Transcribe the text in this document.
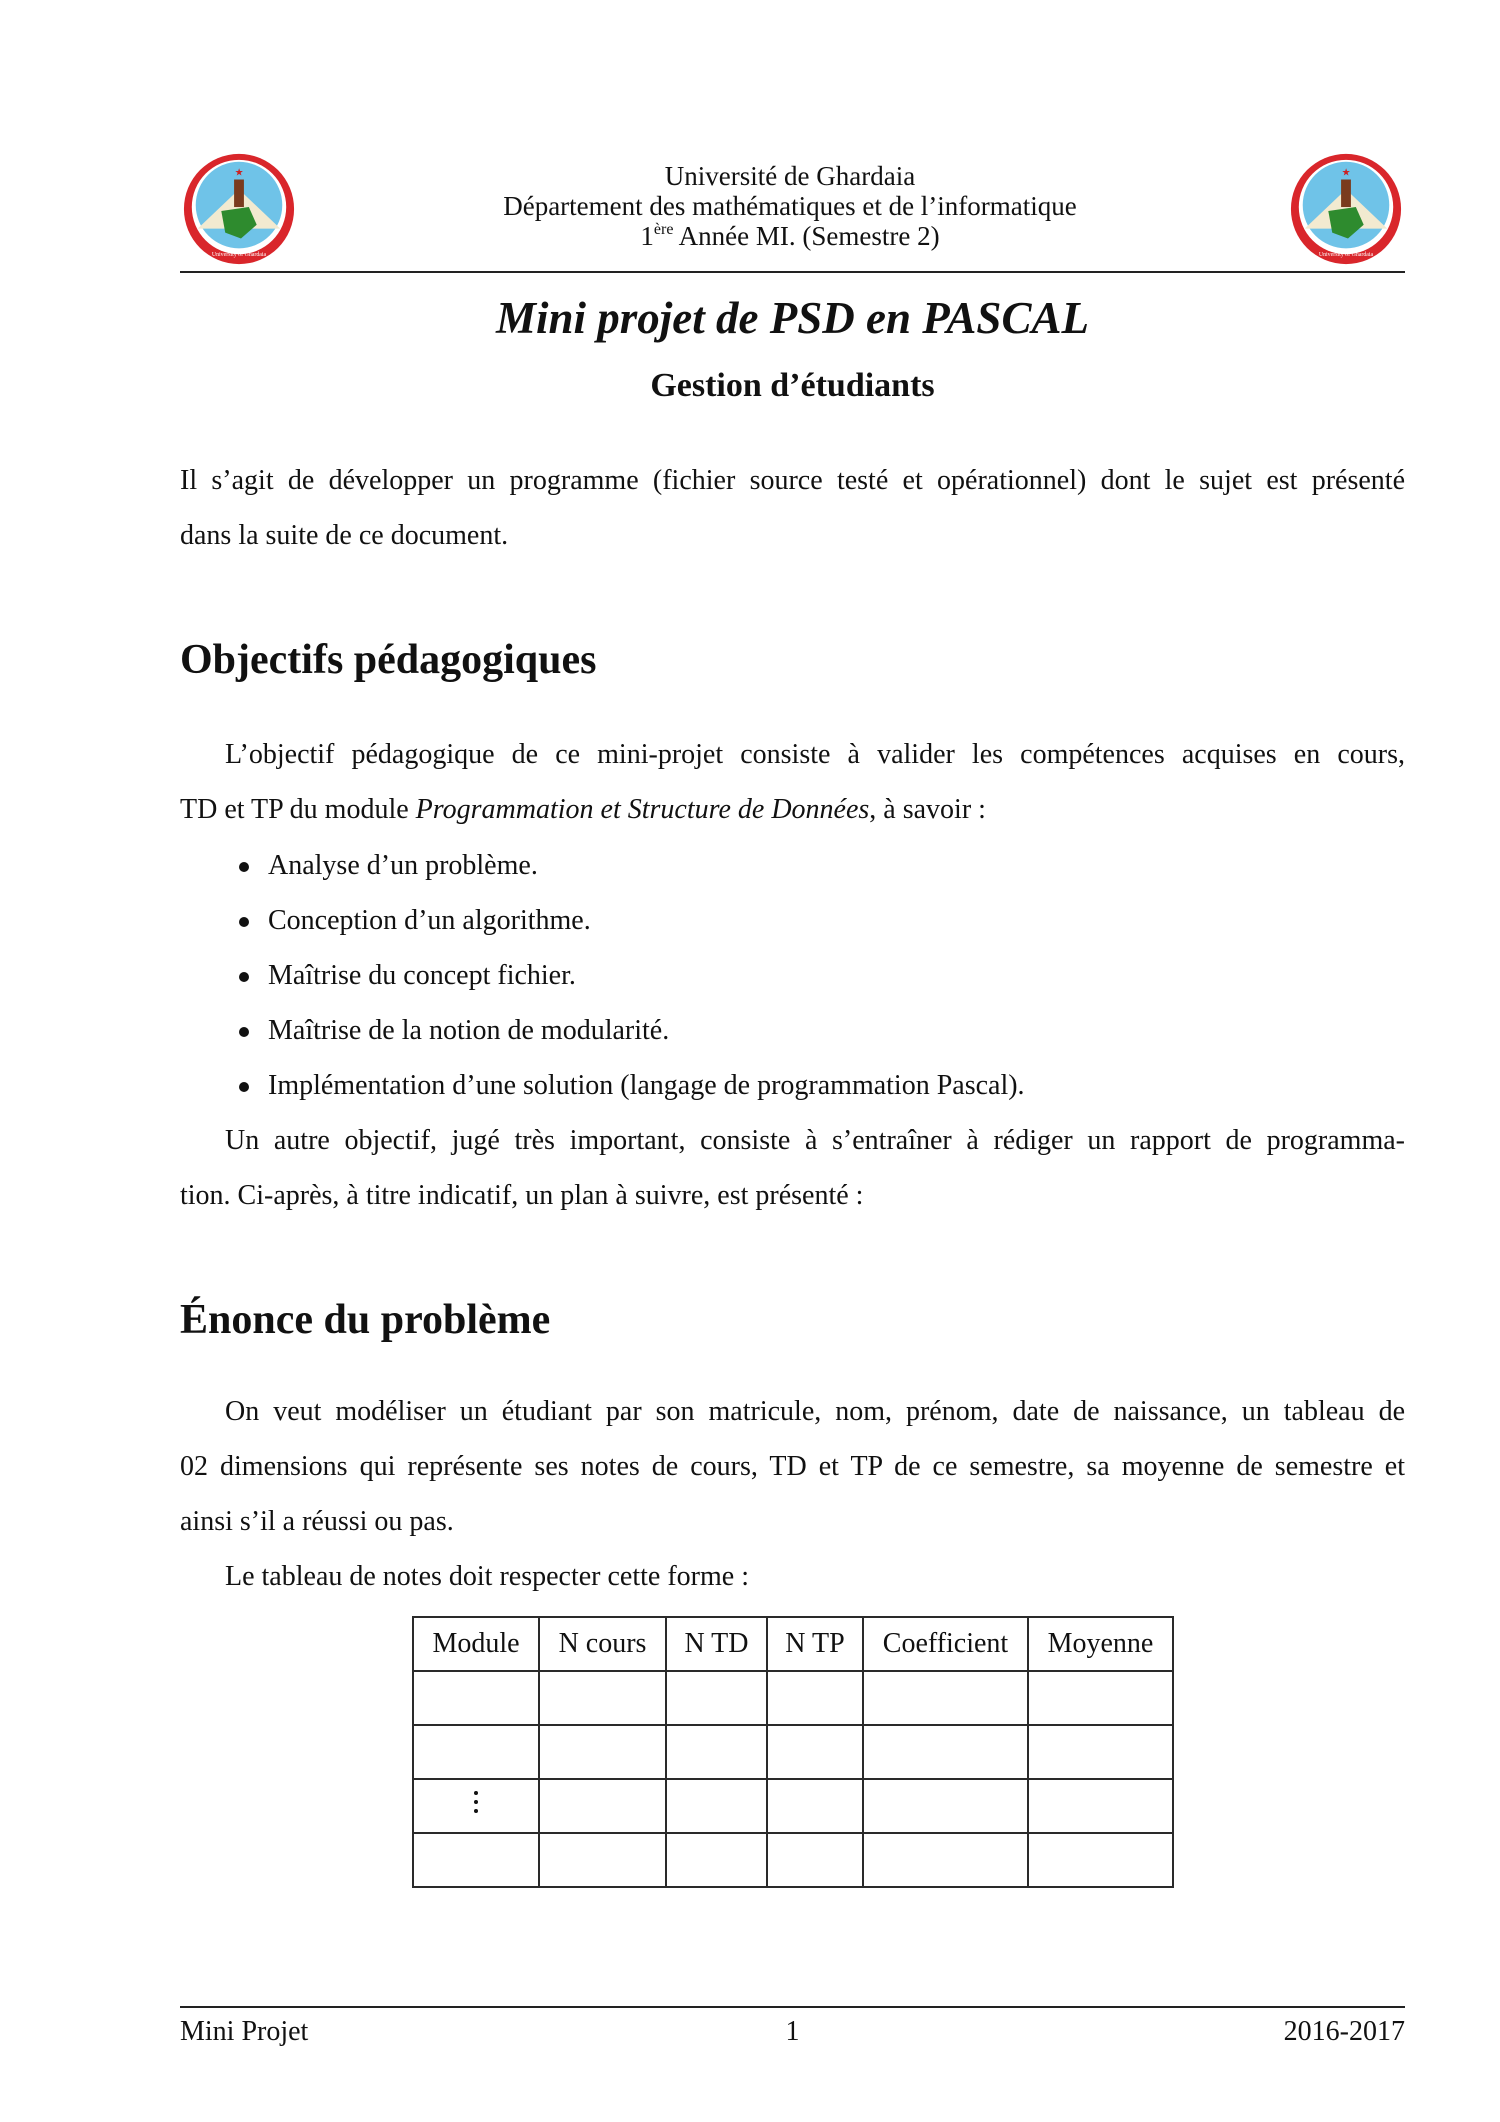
★
University of Ghardaia
★
University of Ghardaia
Université de Ghardaia
Département des mathématiques et de l’informatique
1ère Année MI. (Semestre 2)
Mini projet de PSD en PASCAL
Gestion d’étudiants
Il s’agit de développer un programme (fichier source testé et opérationnel) dont le sujet est présenté
dans la suite de ce document.
Objectifs pédagogiques
L’objectif pédagogique de ce mini-projet consiste à valider les compétences acquises en cours,
TD et TP du module Programmation et Structure de Données, à savoir :
Analyse d’un problème.
Conception d’un algorithme.
Maîtrise du concept fichier.
Maîtrise de la notion de modularité.
Implémentation d’une solution (langage de programmation Pascal).
Un autre objectif, jugé très important, consiste à s’entraîner à rédiger un rapport de programma-
tion. Ci-après, à titre indicatif, un plan à suivre, est présenté :
Énonce du problème
On veut modéliser un étudiant par son matricule, nom, prénom, date de naissance, un tableau de
02 dimensions qui représente ses notes de cours, TD et TP de ce semestre, sa moyenne de semestre et
ainsi s’il a réussi ou pas.
Le tableau de notes doit respecter cette forme :
Module	N cours	N TD	N TP	Coefficient	Moyenne

Mini Projet	1	2016-2017
